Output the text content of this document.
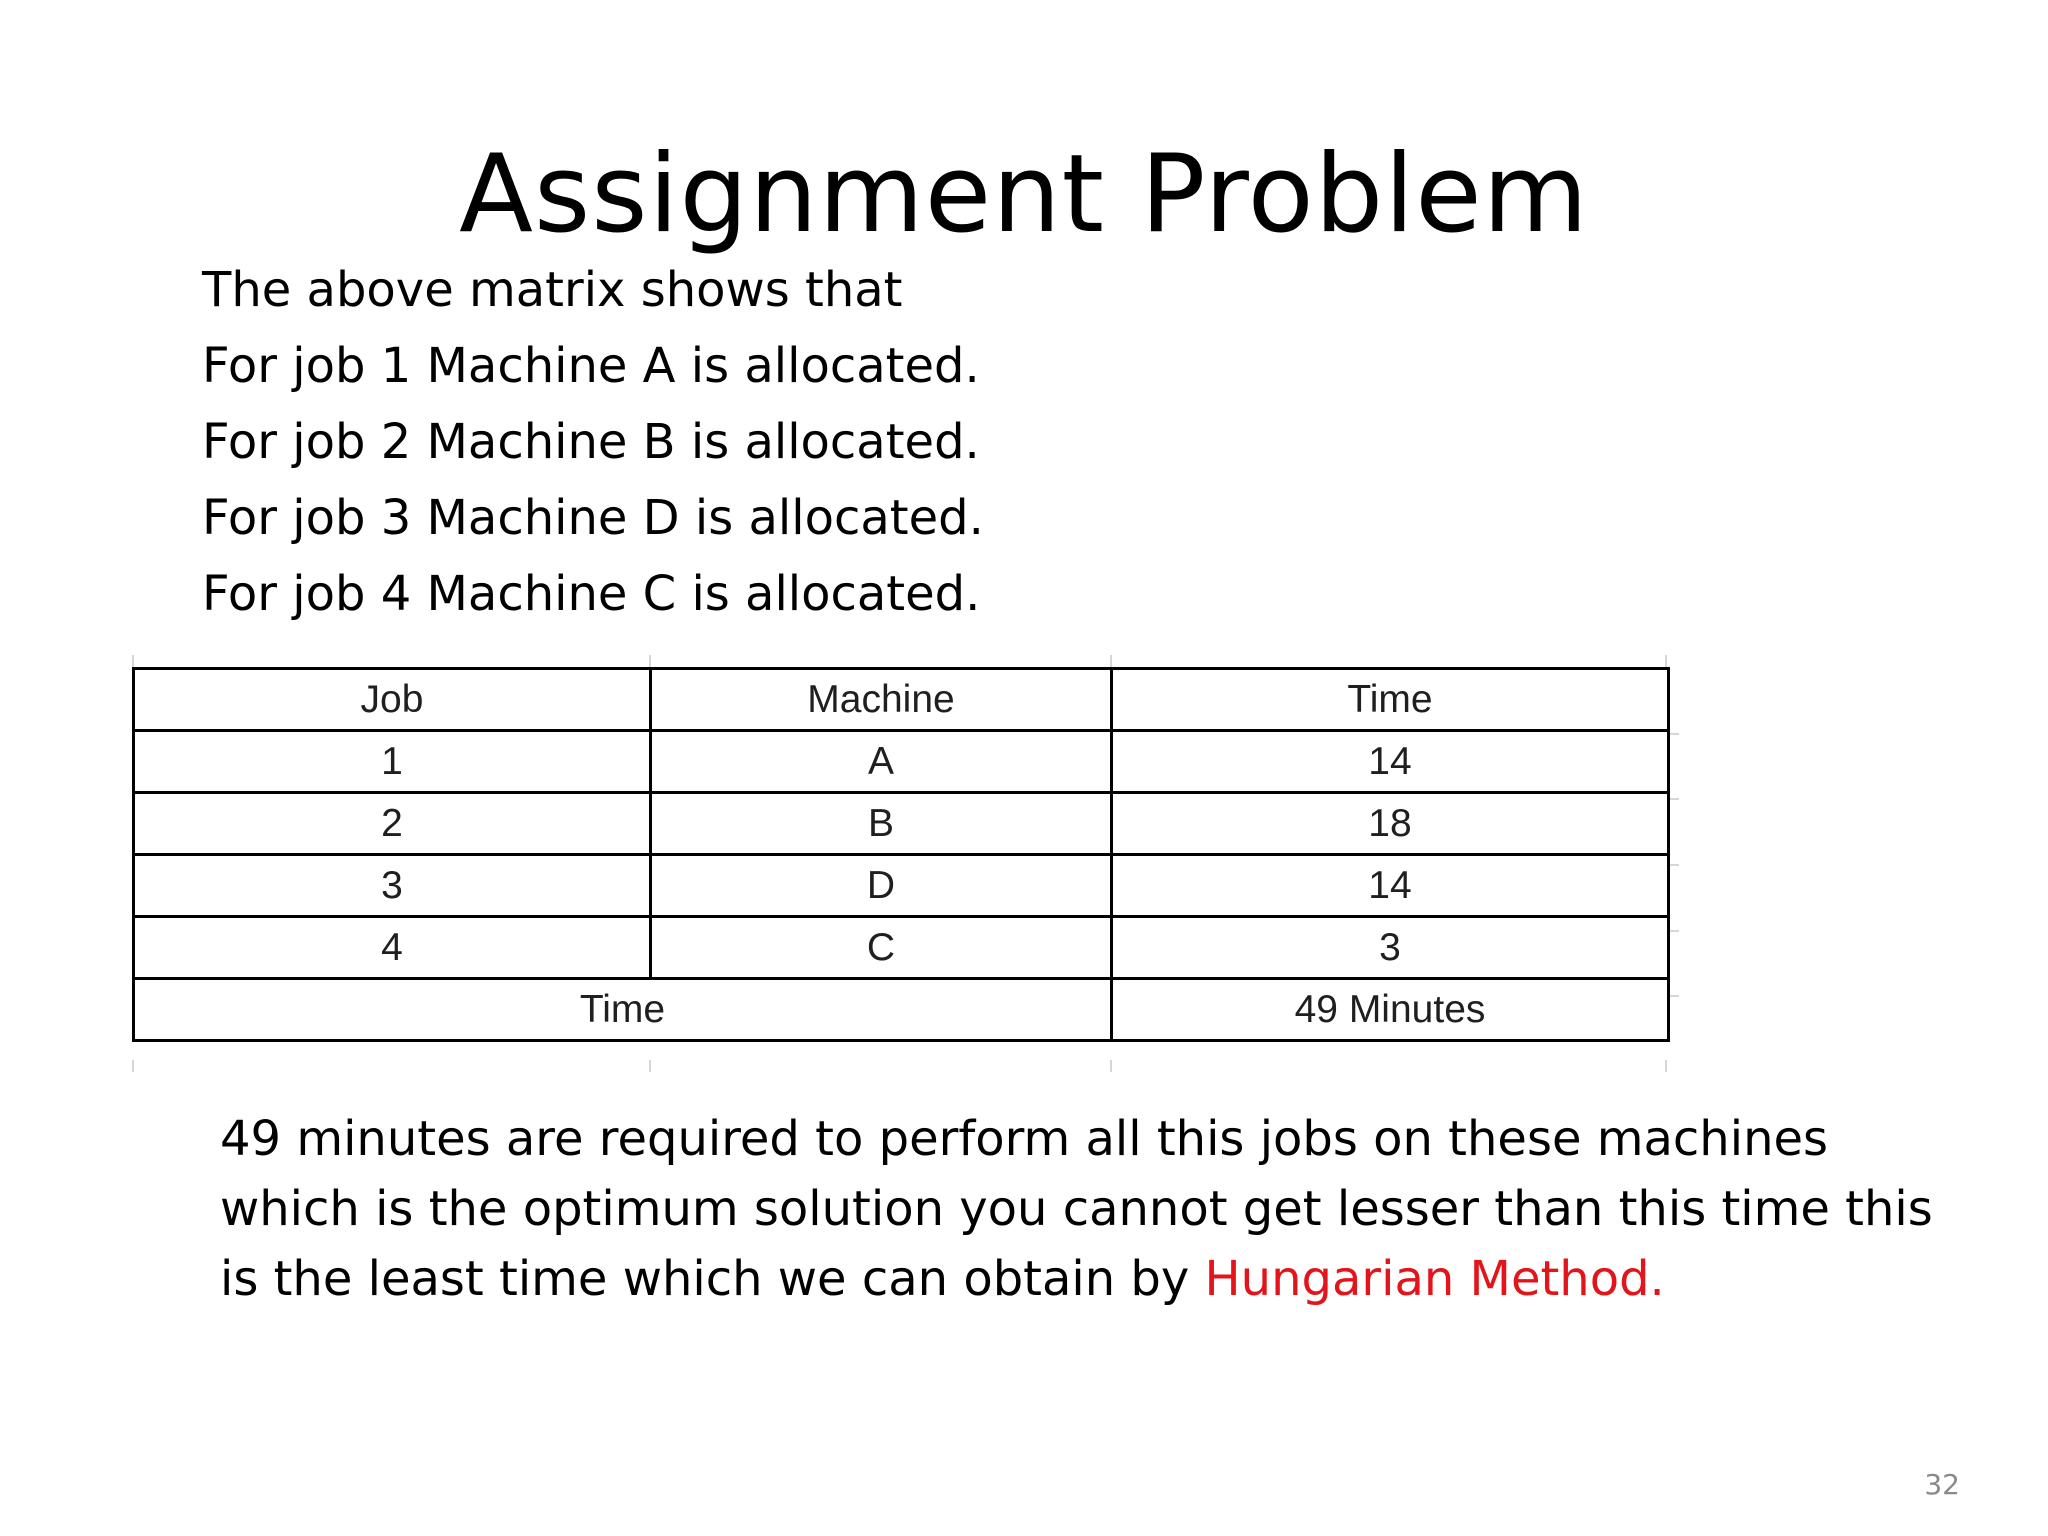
Assignment Problem
The above matrix shows that
For job 1 Machine A is allocated.
For job 2 Machine B is allocated.
For job 3 Machine D is allocated.
For job 4 Machine C is allocated.
Job	Machine	Time
1	A	14
2	B	18
3	D	14
4	C	3
Time		49 Minutes
49 minutes are required to perform all this jobs on these machines which is the optimum solution you cannot get lesser than this time this is the least time which we can obtain by Hungarian Method.
32
